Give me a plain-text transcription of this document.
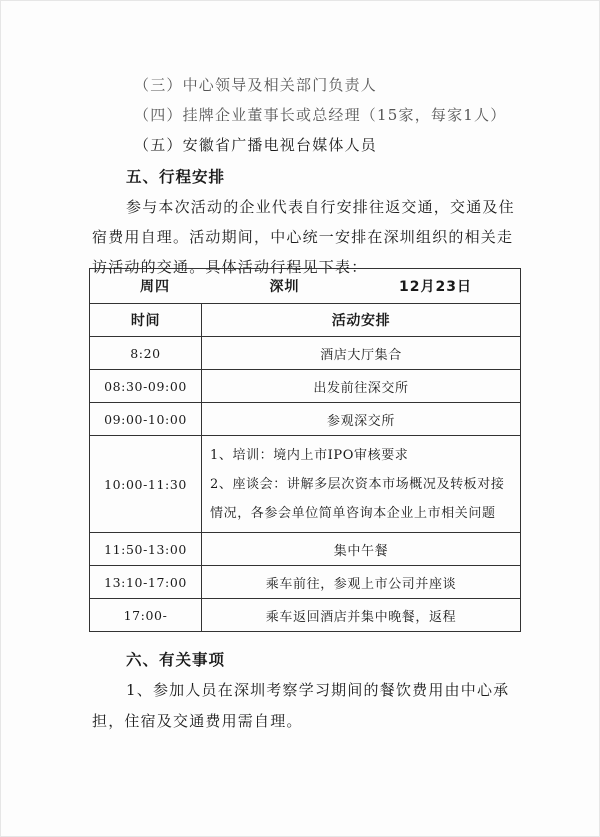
（三）中心领导及相关部门负责人
（四）挂牌企业董事长或总经理（15家，每家1人）
（五）安徽省广播电视台媒体人员
五、行程安排
参与本次活动的企业代表自行安排往返交通，交通及住
宿费用自理。活动期间，中心统一安排在深圳组织的相关走
访活动的交通。具体活动行程见下表：
周四 深圳 12月23日	

时间	活动安排
8:20	酒店大厅集合
08:30-09:00	出发前往深交所
09:00-10:00	参观深交所
10:00-11:30	1、培训：境内上市IPO审核要求
2、座谈会：讲解多层次资本市场概况及转板对接
情况，各参会单位简单咨询本企业上市相关问题

11:50-13:00	集中午餐
13:10-17:00	乘车前往，参观上市公司并座谈
17:00-	乘车返回酒店并集中晚餐，返程
六、有关事项
1、参加人员在深圳考察学习期间的餐饮费用由中心承
担，住宿及交通费用需自理。
